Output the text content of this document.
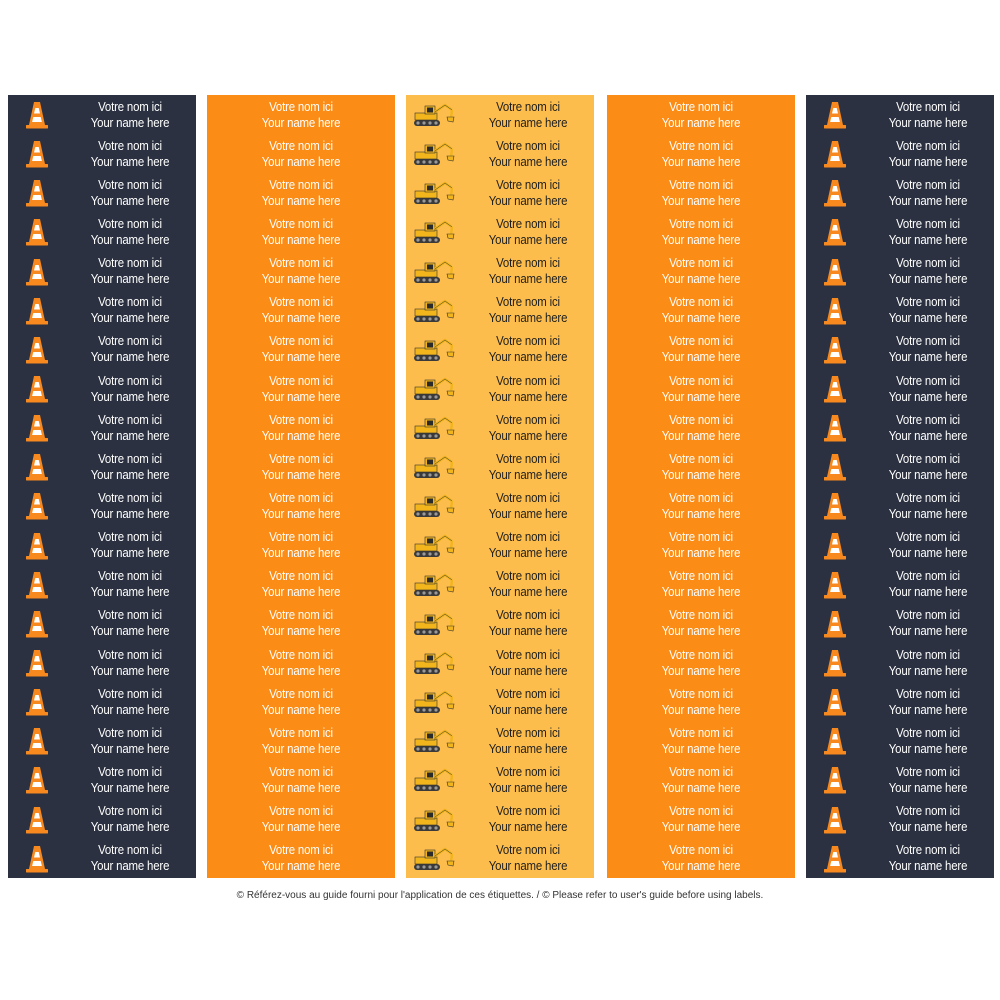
Votre nom ici
Your name here
Votre nom ici
Your name here
Votre nom ici
Your name here
Votre nom ici
Your name here
Votre nom ici
Your name here
Votre nom ici
Your name here
Votre nom ici
Your name here
Votre nom ici
Your name here
Votre nom ici
Your name here
Votre nom ici
Your name here
Votre nom ici
Your name here
Votre nom ici
Your name here
Votre nom ici
Your name here
Votre nom ici
Your name here
Votre nom ici
Your name here
Votre nom ici
Your name here
Votre nom ici
Your name here
Votre nom ici
Your name here
Votre nom ici
Your name here
Votre nom ici
Your name here
Votre nom ici
Your name here
Votre nom ici
Your name here
Votre nom ici
Your name here
Votre nom ici
Your name here
Votre nom ici
Your name here
Votre nom ici
Your name here
Votre nom ici
Your name here
Votre nom ici
Your name here
Votre nom ici
Your name here
Votre nom ici
Your name here
Votre nom ici
Your name here
Votre nom ici
Your name here
Votre nom ici
Your name here
Votre nom ici
Your name here
Votre nom ici
Your name here
Votre nom ici
Your name here
Votre nom ici
Your name here
Votre nom ici
Your name here
Votre nom ici
Your name here
Votre nom ici
Your name here
Votre nom ici
Your name here
Votre nom ici
Your name here
Votre nom ici
Your name here
Votre nom ici
Your name here
Votre nom ici
Your name here
Votre nom ici
Your name here
Votre nom ici
Your name here
Votre nom ici
Your name here
Votre nom ici
Your name here
Votre nom ici
Your name here
Votre nom ici
Your name here
Votre nom ici
Your name here
Votre nom ici
Your name here
Votre nom ici
Your name here
Votre nom ici
Your name here
Votre nom ici
Your name here
Votre nom ici
Your name here
Votre nom ici
Your name here
Votre nom ici
Your name here
Votre nom ici
Your name here
Votre nom ici
Your name here
Votre nom ici
Your name here
Votre nom ici
Your name here
Votre nom ici
Your name here
Votre nom ici
Your name here
Votre nom ici
Your name here
Votre nom ici
Your name here
Votre nom ici
Your name here
Votre nom ici
Your name here
Votre nom ici
Your name here
Votre nom ici
Your name here
Votre nom ici
Your name here
Votre nom ici
Your name here
Votre nom ici
Your name here
Votre nom ici
Your name here
Votre nom ici
Your name here
Votre nom ici
Your name here
Votre nom ici
Your name here
Votre nom ici
Your name here
Votre nom ici
Your name here
Votre nom ici
Your name here
Votre nom ici
Your name here
Votre nom ici
Your name here
Votre nom ici
Your name here
Votre nom ici
Your name here
Votre nom ici
Your name here
Votre nom ici
Your name here
Votre nom ici
Your name here
Votre nom ici
Your name here
Votre nom ici
Your name here
Votre nom ici
Your name here
Votre nom ici
Your name here
Votre nom ici
Your name here
Votre nom ici
Your name here
Votre nom ici
Your name here
Votre nom ici
Your name here
Votre nom ici
Your name here
Votre nom ici
Your name here
Votre nom ici
Your name here
Votre nom ici
Your name here
© Référez-vous au guide fourni pour l'application de ces étiquettes. / © Please refer to user's guide before using labels.
